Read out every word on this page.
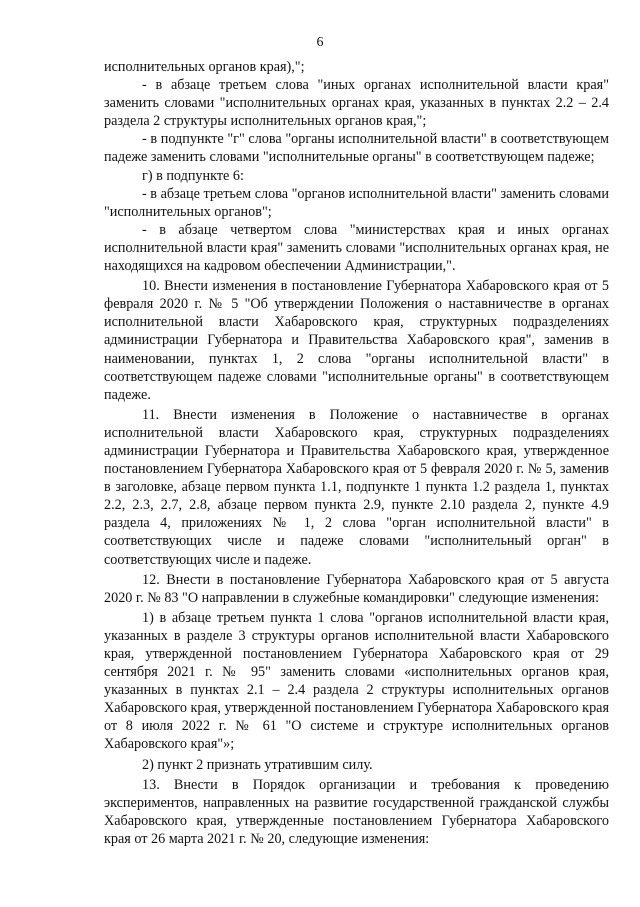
6

исполнительных органов края),";

- в абзаце третьем слова "иных органах исполнительной власти края" заменить словами "исполнительных органах края, указанных в пунктах 2.2 – 2.4 раздела 2 структуры исполнительных органов края,";

- в подпункте "г" слова "органы исполнительной власти" в соответствующем падеже заменить словами "исполнительные органы" в соответствующем падеже;

г) в подпункте 6:

- в абзаце третьем слова "органов исполнительной власти" заменить словами "исполнительных органов";

- в абзаце четвертом слова "министерствах края и иных органах исполнительной власти края" заменить словами "исполнительных органах края, не находящихся на кадровом обеспечении Администрации,".

10. Внести изменения в постановление Губернатора Хабаровского края от 5 февраля 2020 г. № 5 "Об утверждении Положения о наставничестве в органах исполнительной власти Хабаровского края, структурных подразделениях администрации Губернатора и Правительства Хабаровского края", заменив в наименовании, пунктах 1, 2 слова "органы исполнительной власти" в соответствующем падеже словами "исполнительные органы" в соответствующем падеже.

11. Внести изменения в Положение о наставничестве в органах исполнительной власти Хабаровского края, структурных подразделениях администрации Губернатора и Правительства Хабаровского края, утвержденное постановлением Губернатора Хабаровского края от 5 февраля 2020 г. № 5, заменив в заголовке, абзаце первом пункта 1.1, подпункте 1 пункта 1.2 раздела 1, пунктах 2.2, 2.3, 2.7, 2.8, абзаце первом пункта 2.9, пункте 2.10 раздела 2, пункте 4.9 раздела 4, приложениях № 1, 2 слова "орган исполнительной власти" в соответствующих числе и падеже словами "исполнительный орган" в соответствующих числе и падеже.

12. Внести в постановление Губернатора Хабаровского края от 5 августа 2020 г. № 83 "О направлении в служебные командировки" следующие изменения:

1) в абзаце третьем пункта 1 слова "органов исполнительной власти края, указанных в разделе 3 структуры органов исполнительной власти Хабаровского края, утвержденной постановлением Губернатора Хабаровского края от 29 сентября 2021 г. № 95" заменить словами «исполнительных органов края, указанных в пунктах 2.1 – 2.4 раздела 2 структуры исполнительных органов Хабаровского края, утвержденной постановлением Губернатора Хабаровского края от 8 июля 2022 г. № 61 "О системе и структуре исполнительных органов Хабаровского края"»;

2) пункт 2 признать утратившим силу.

13. Внести в Порядок организации и требования к проведению экспериментов, направленных на развитие государственной гражданской службы Хабаровского края, утвержденные постановлением Губернатора Хабаровского края от 26 марта 2021 г. № 20, следующие изменения:
